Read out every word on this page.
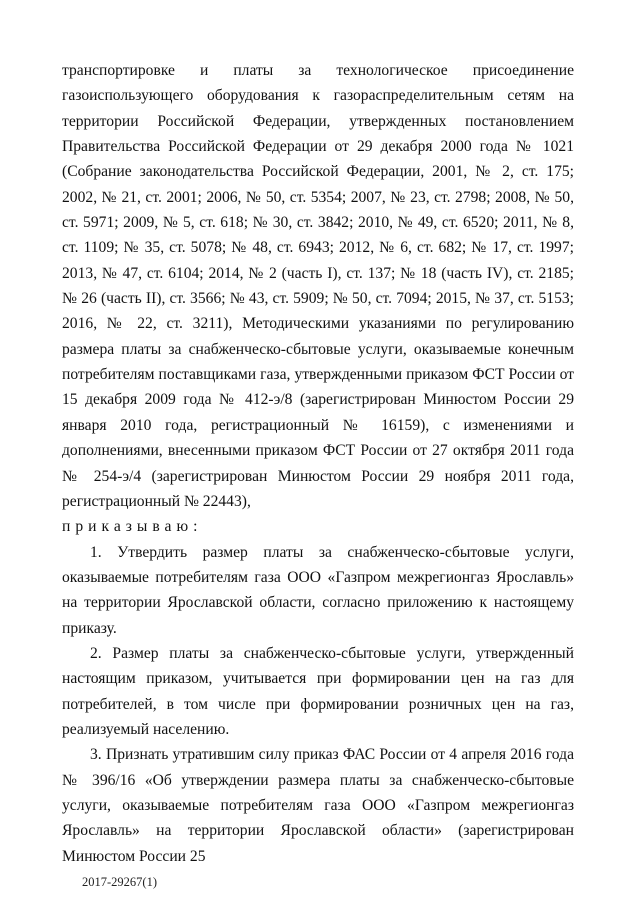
транспортировке и платы за технологическое присоединение газоиспользующего оборудования к газораспределительным сетям на территории Российской Федерации, утвержденных постановлением Правительства Российской Федерации от 29 декабря 2000 года № 1021 (Собрание законодательства Российской Федерации, 2001, № 2, ст. 175; 2002, № 21, ст. 2001; 2006, № 50, ст. 5354; 2007, № 23, ст. 2798; 2008, № 50, ст. 5971; 2009, № 5, ст. 618; № 30, ст. 3842; 2010, № 49, ст. 6520; 2011, № 8, ст. 1109; № 35, ст. 5078; № 48, ст. 6943; 2012, № 6, ст. 682; № 17, ст. 1997; 2013, № 47, ст. 6104; 2014, № 2 (часть I), ст. 137; № 18 (часть IV), ст. 2185; № 26 (часть II), ст. 3566; № 43, ст. 5909; № 50, ст. 7094; 2015, № 37, ст. 5153; 2016, № 22, ст. 3211), Методическими указаниями по регулированию размера платы за снабженческо-сбытовые услуги, оказываемые конечным потребителям поставщиками газа, утвержденными приказом ФСТ России от 15 декабря 2009 года № 412-э/8 (зарегистрирован Минюстом России 29 января 2010 года, регистрационный № 16159), с изменениями и дополнениями, внесенными приказом ФСТ России от 27 октября 2011 года № 254-э/4 (зарегистрирован Минюстом России 29 ноября 2011 года, регистрационный № 22443),

приказываю:

1. Утвердить размер платы за снабженческо-сбытовые услуги, оказываемые потребителям газа ООО «Газпром межрегионгаз Ярославль» на территории Ярославской области, согласно приложению к настоящему приказу.

2. Размер платы за снабженческо-сбытовые услуги, утвержденный настоящим приказом, учитывается при формировании цен на газ для потребителей, в том числе при формировании розничных цен на газ, реализуемый населению.

3. Признать утратившим силу приказ ФАС России от 4 апреля 2016 года № 396/16 «Об утверждении размера платы за снабженческо-сбытовые услуги, оказываемые потребителям газа ООО «Газпром межрегионгаз Ярославль» на территории Ярославской области» (зарегистрирован Минюстом России 25

2017-29267(1)
